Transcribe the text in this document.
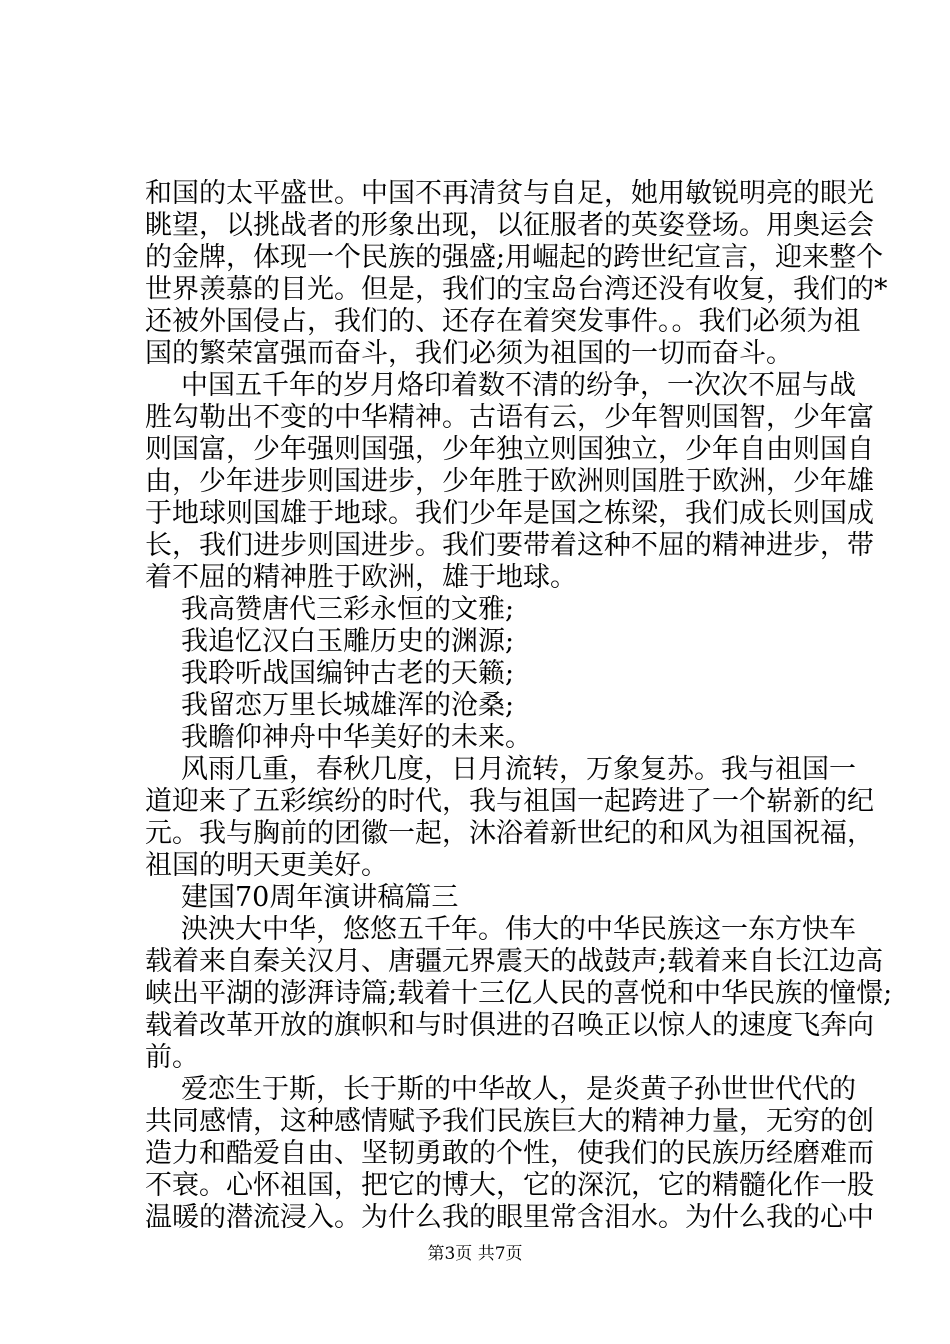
和国的太平盛世。中国不再清贫与自足，她用敏锐明亮的眼光
眺望，以挑战者的形象出现，以征服者的英姿登场。用奥运会
的金牌，体现一个民族的强盛;用崛起的跨世纪宣言，迎来整个
世界羡慕的目光。但是，我们的宝岛台湾还没有收复，我们的*
还被外国侵占，我们的、还存在着突发事件。。我们必须为祖
国的繁荣富强而奋斗，我们必须为祖国的一切而奋斗。
中国五千年的岁月烙印着数不清的纷争，一次次不屈与战
胜勾勒出不变的中华精神。古语有云，少年智则国智，少年富
则国富，少年强则国强，少年独立则国独立，少年自由则国自
由，少年进步则国进步，少年胜于欧洲则国胜于欧洲，少年雄
于地球则国雄于地球。我们少年是国之栋梁，我们成长则国成
长，我们进步则国进步。我们要带着这种不屈的精神进步，带
着不屈的精神胜于欧洲，雄于地球。
我高赞唐代三彩永恒的文雅;
我追忆汉白玉雕历史的渊源;
我聆听战国编钟古老的天籁;
我留恋万里长城雄浑的沧桑;
我瞻仰神舟中华美好的未来。
风雨几重，春秋几度，日月流转，万象复苏。我与祖国一
道迎来了五彩缤纷的时代，我与祖国一起跨进了一个崭新的纪
元。我与胸前的团徽一起，沐浴着新世纪的和风为祖国祝福，
祖国的明天更美好。
建国70周年演讲稿篇三
泱泱大中华，悠悠五千年。伟大的中华民族这一东方快车
载着来自秦关汉月、唐疆元界震天的战鼓声;载着来自长江边高
峡出平湖的澎湃诗篇;载着十三亿人民的喜悦和中华民族的憧憬;
载着改革开放的旗帜和与时俱进的召唤正以惊人的速度飞奔向
前。
爱恋生于斯，长于斯的中华故人，是炎黄子孙世世代代的
共同感情，这种感情赋予我们民族巨大的精神力量，无穷的创
造力和酷爱自由、坚韧勇敢的个性，使我们的民族历经磨难而
不衰。心怀祖国，把它的博大，它的深沉，它的精髓化作一股
温暖的潜流浸入。为什么我的眼里常含泪水。为什么我的心中
第3页 共7页
